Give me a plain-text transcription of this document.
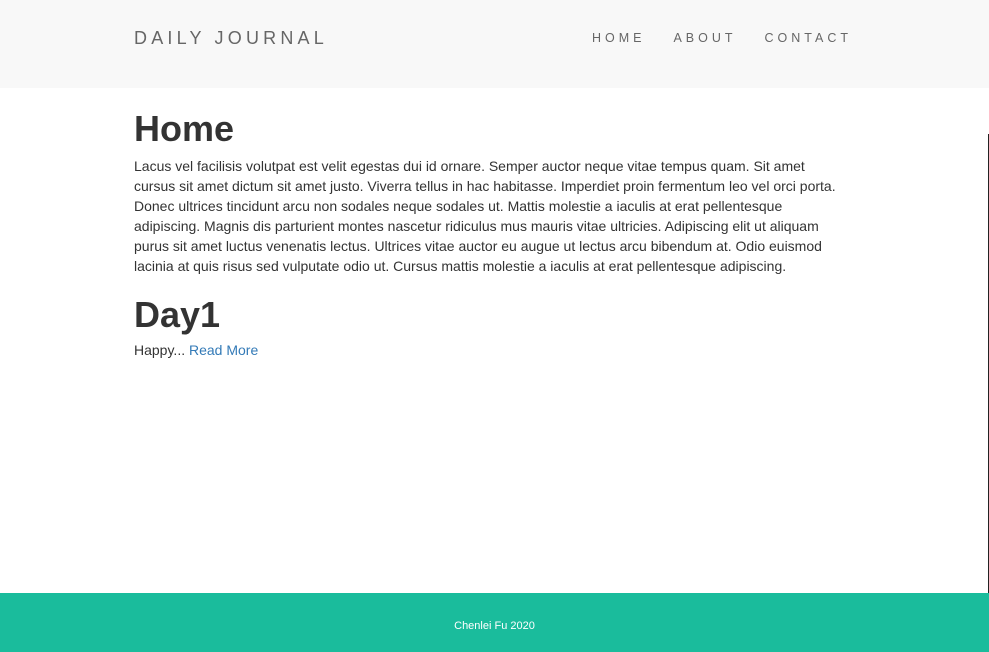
DAILY JOURNAL	HOME ABOUT CONTACT
Home

Lacus vel facilisis volutpat est velit egestas dui id ornare. Semper auctor neque vitae tempus quam. Sit amet cursus sit amet dictum sit amet justo. Viverra tellus in hac habitasse. Imperdiet proin fermentum leo vel orci porta. Donec ultrices tincidunt arcu non sodales neque sodales ut. Mattis molestie a iaculis at erat pellentesque adipiscing. Magnis dis parturient montes nascetur ridiculus mus mauris vitae ultricies. Adipiscing elit ut aliquam purus sit amet luctus venenatis lectus. Ultrices vitae auctor eu augue ut lectus arcu bibendum at. Odio euismod lacinia at quis risus sed vulputate odio ut. Cursus mattis molestie a iaculis at erat pellentesque adipiscing.

Day1

Happy... Read More

Chenlei Fu 2020
